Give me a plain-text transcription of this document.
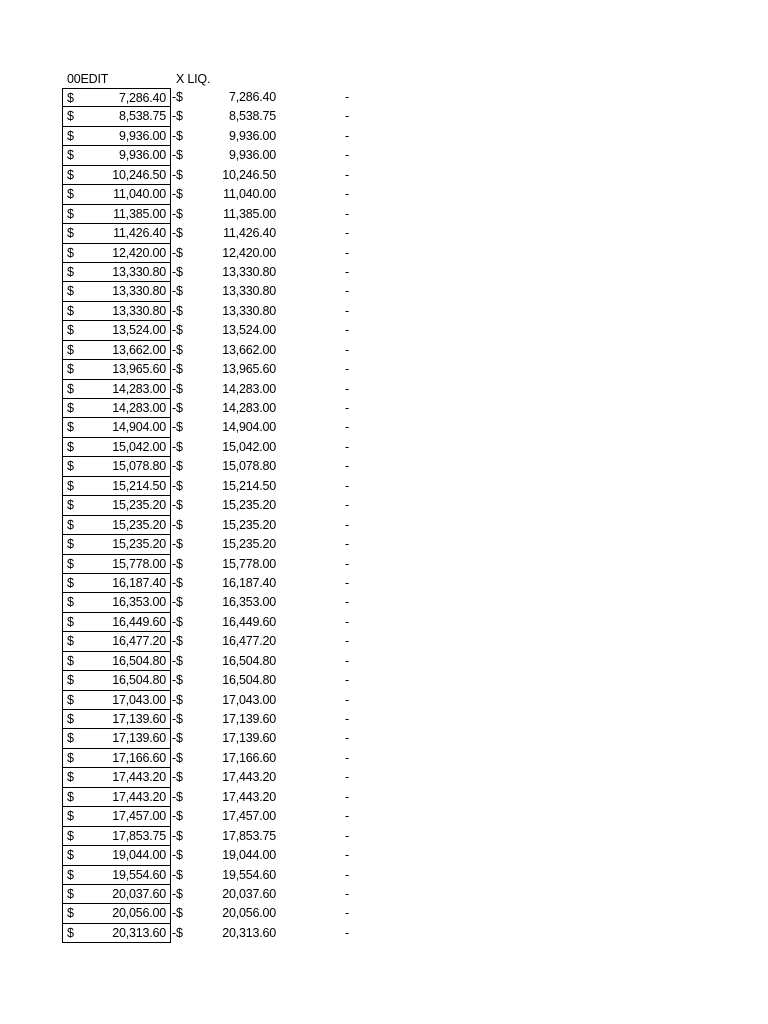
00EDIT	X LIQ.
$	7,286.40 -$	7,286.40	-
$	8,538.75 -$	8,538.75	-
$	9,936.00 -$	9,936.00	-
$	9,936.00 -$	9,936.00	-
$	10,246.50 -$	10,246.50	-
$	11,040.00 -$	11,040.00	-
$	11,385.00 -$	11,385.00	-
$	11,426.40 -$	11,426.40	-
$	12,420.00 -$	12,420.00	-
$	13,330.80 -$	13,330.80	-
$	13,330.80 -$	13,330.80	-
$	13,330.80 -$	13,330.80	-
$	13,524.00 -$	13,524.00	-
$	13,662.00 -$	13,662.00	-
$	13,965.60 -$	13,965.60	-
$	14,283.00 -$	14,283.00	-
$	14,283.00 -$	14,283.00	-
$	14,904.00 -$	14,904.00	-
$	15,042.00 -$	15,042.00	-
$	15,078.80 -$	15,078.80	-
$	15,214.50 -$	15,214.50	-
$	15,235.20 -$	15,235.20	-
$	15,235.20 -$	15,235.20	-
$	15,235.20 -$	15,235.20	-
$	15,778.00 -$	15,778.00	-
$	16,187.40 -$	16,187.40	-
$	16,353.00 -$	16,353.00	-
$	16,449.60 -$	16,449.60	-
$	16,477.20 -$	16,477.20	-
$	16,504.80 -$	16,504.80	-
$	16,504.80 -$	16,504.80	-
$	17,043.00 -$	17,043.00	-
$	17,139.60 -$	17,139.60	-
$	17,139.60 -$	17,139.60	-
$	17,166.60 -$	17,166.60	-
$	17,443.20 -$	17,443.20	-
$	17,443.20 -$	17,443.20	-
$	17,457.00 -$	17,457.00	-
$	17,853.75 -$	17,853.75	-
$	19,044.00 -$	19,044.00	-
$	19,554.60 -$	19,554.60	-
$	20,037.60 -$	20,037.60	-
$	20,056.00 -$	20,056.00	-
$	20,313.60 -$	20,313.60	-
